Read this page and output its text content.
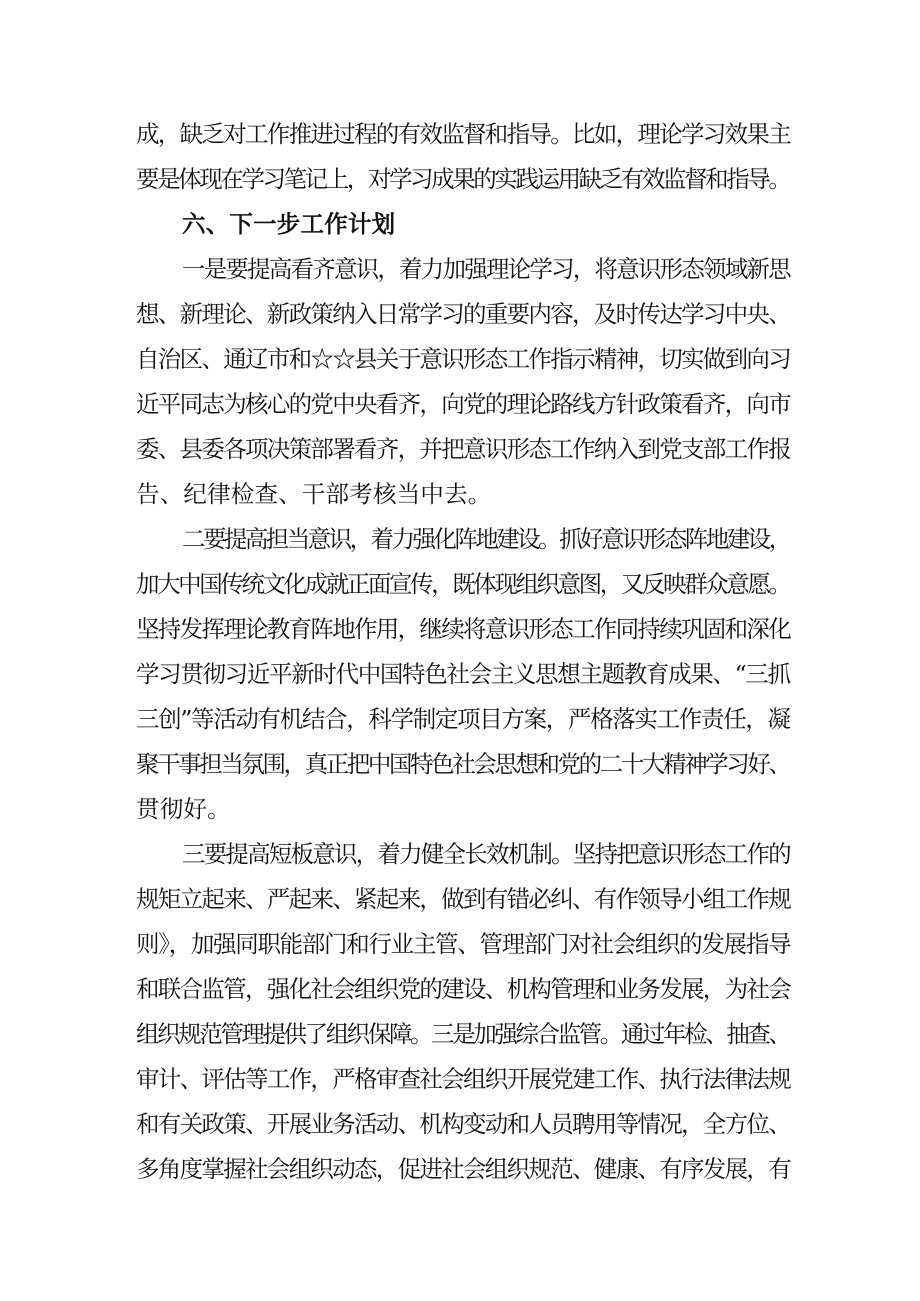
成，缺乏对工作推进过程的有效监督和指导。比如，理论学习效果主
要是体现在学习笔记上，对学习成果的实践运用缺乏有效监督和指导。
六、下一步工作计划
一是要提高看齐意识，着力加强理论学习，将意识形态领域新思
想、新理论、新政策纳入日常学习的重要内容，及时传达学习中央、
自治区、通辽市和☆☆县关于意识形态工作指示精神，切实做到向习
近平同志为核心的党中央看齐，向党的理论路线方针政策看齐，向市
委、县委各项决策部署看齐，并把意识形态工作纳入到党支部工作报
告、纪律检查、干部考核当中去。
二要提高担当意识，着力强化阵地建设。抓好意识形态阵地建设，
加大中国传统文化成就正面宣传，既体现组织意图，又反映群众意愿。
坚持发挥理论教育阵地作用，继续将意识形态工作同持续巩固和深化
学习贯彻习近平新时代中国特色社会主义思想主题教育成果、“三抓
三创”等活动有机结合，科学制定项目方案，严格落实工作责任，凝
聚干事担当氛围，真正把中国特色社会思想和党的二十大精神学习好、
贯彻好。
三要提高短板意识，着力健全长效机制。坚持把意识形态工作的
规矩立起来、严起来、紧起来，做到有错必纠、有作领导小组工作规
则》，加强同职能部门和行业主管、管理部门对社会组织的发展指导
和联合监管，强化社会组织党的建设、机构管理和业务发展，为社会
组织规范管理提供了组织保障。三是加强综合监管。通过年检、抽查、
审计、评估等工作，严格审查社会组织开展党建工作、执行法律法规
和有关政策、开展业务活动、机构变动和人员聘用等情况，全方位、
多角度掌握社会组织动态，促进社会组织规范、健康、有序发展，有
